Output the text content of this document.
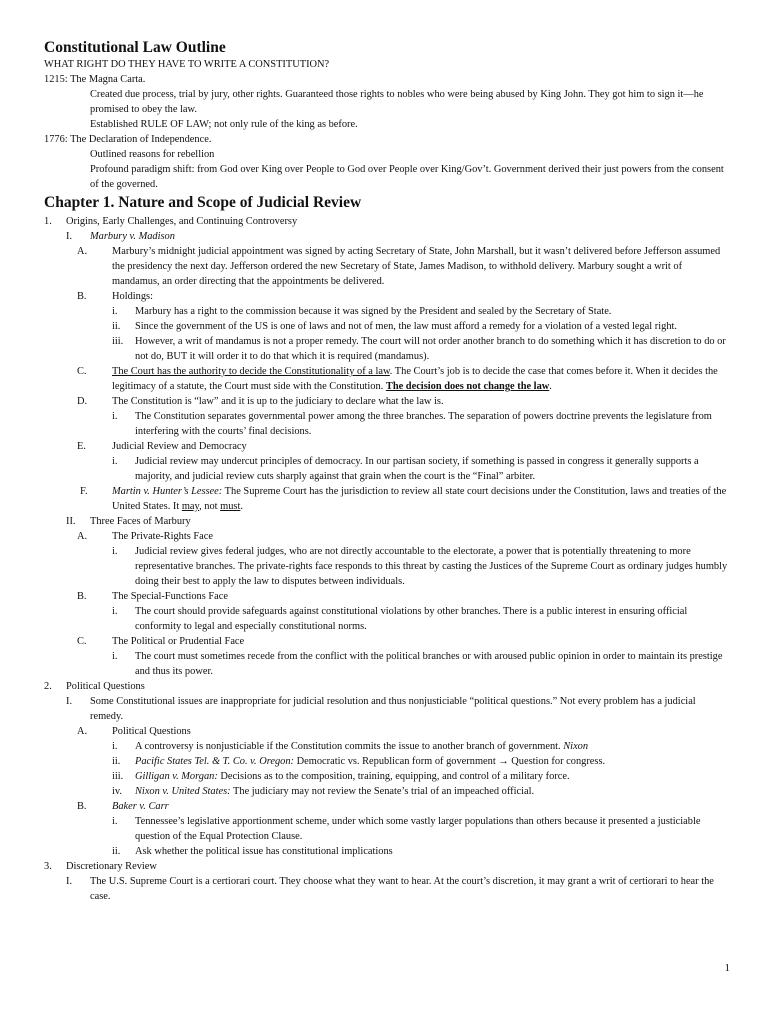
Constitutional Law Outline

WHAT RIGHT DO THEY HAVE TO WRITE A CONSTITUTION?

1215: The Magna Carta.

Created due process, trial by jury, other rights. Guaranteed those rights to nobles who were being abused by King John. They got him to sign it—he promised to obey the law.

Established RULE OF LAW; not only rule of the king as before.

1776: The Declaration of Independence.

Outlined reasons for rebellion

Profound paradigm shift: from God over King over People to God over People over King/Gov’t. Government derived their just powers from the consent of the governed.

Chapter 1. Nature and Scope of Judicial Review
1.	Origins, Early Challenges, and Continuing Controversy
I.	Marbury v. Madison
A.	Marbury’s midnight judicial appointment was signed by acting Secretary of State, John Marshall, but it wasn’t delivered before Jefferson assumed the presidency the next day. Jefferson ordered the new Secretary of State, James Madison, to withhold delivery. Marbury sought a writ of mandamus, an order directing that the appointments be delivered.
B.	Holdings:
i.	Marbury has a right to the commission because it was signed by the President and sealed by the Secretary of State.
ii.	Since the government of the US is one of laws and not of men, the law must afford a remedy for a violation of a vested legal right.
iii.	However, a writ of mandamus is not a proper remedy. The court will not order another branch to do something which it has discretion to do or not do, BUT it will order it to do that which it is required (mandamus).
C.	The Court has the authority to decide the Constitutionality of a law. The Court’s job is to decide the case that comes before it. When it decides the legitimacy of a statute, the Court must side with the Constitution. The decision does not change the law.
D.	The Constitution is “law” and it is up to the judiciary to declare what the law is.
i.	The Constitution separates governmental power among the three branches. The separation of powers doctrine prevents the legislature from interfering with the courts’ final decisions.
E.	Judicial Review and Democracy
i.	Judicial review may undercut principles of democracy. In our partisan society, if something is passed in congress it generally supports a majority, and judicial review cuts sharply against that grain when the court is the “Final” arbiter.
F.	Martin v. Hunter’s Lessee: The Supreme Court has the jurisdiction to review all state court decisions under the Constitution, laws and treaties of the United States. It may, not must.
II.	Three Faces of Marbury
A.	The Private-Rights Face
i.	Judicial review gives federal judges, who are not directly accountable to the electorate, a power that is potentially threatening to more representative branches. The private-rights face responds to this threat by casting the Justices of the Supreme Court as ordinary judges humbly doing their best to apply the law to disputes between individuals.
B.	The Special-Functions Face
i.	The court should provide safeguards against constitutional violations by other branches. There is a public interest in ensuring official conformity to legal and especially constitutional norms.
C.	The Political or Prudential Face
i.	The court must sometimes recede from the conflict with the political branches or with aroused public opinion in order to maintain its prestige and thus its power.
2.	Political Questions
I.	Some Constitutional issues are inappropriate for judicial resolution and thus nonjusticiable “political questions.” Not every problem has a judicial remedy.
A.	Political Questions
i.	A controversy is nonjusticiable if the Constitution commits the issue to another branch of government. Nixon
ii.	Pacific States Tel. & T. Co. v. Oregon: Democratic vs. Republican form of government → Question for congress.
iii.	Gilligan v. Morgan: Decisions as to the composition, training, equipping, and control of a military force.
iv.	Nixon v. United States: The judiciary may not review the Senate’s trial of an impeached official.
B.	Baker v. Carr
i.	Tennessee’s legislative apportionment scheme, under which some vastly larger populations than others because it presented a justiciable question of the Equal Protection Clause.
ii.	Ask whether the political issue has constitutional implications
3.	Discretionary Review
I.	The U.S. Supreme Court is a certiorari court. They choose what they want to hear. At the court’s discretion, it may grant a writ of certiorari to hear the case.
1
